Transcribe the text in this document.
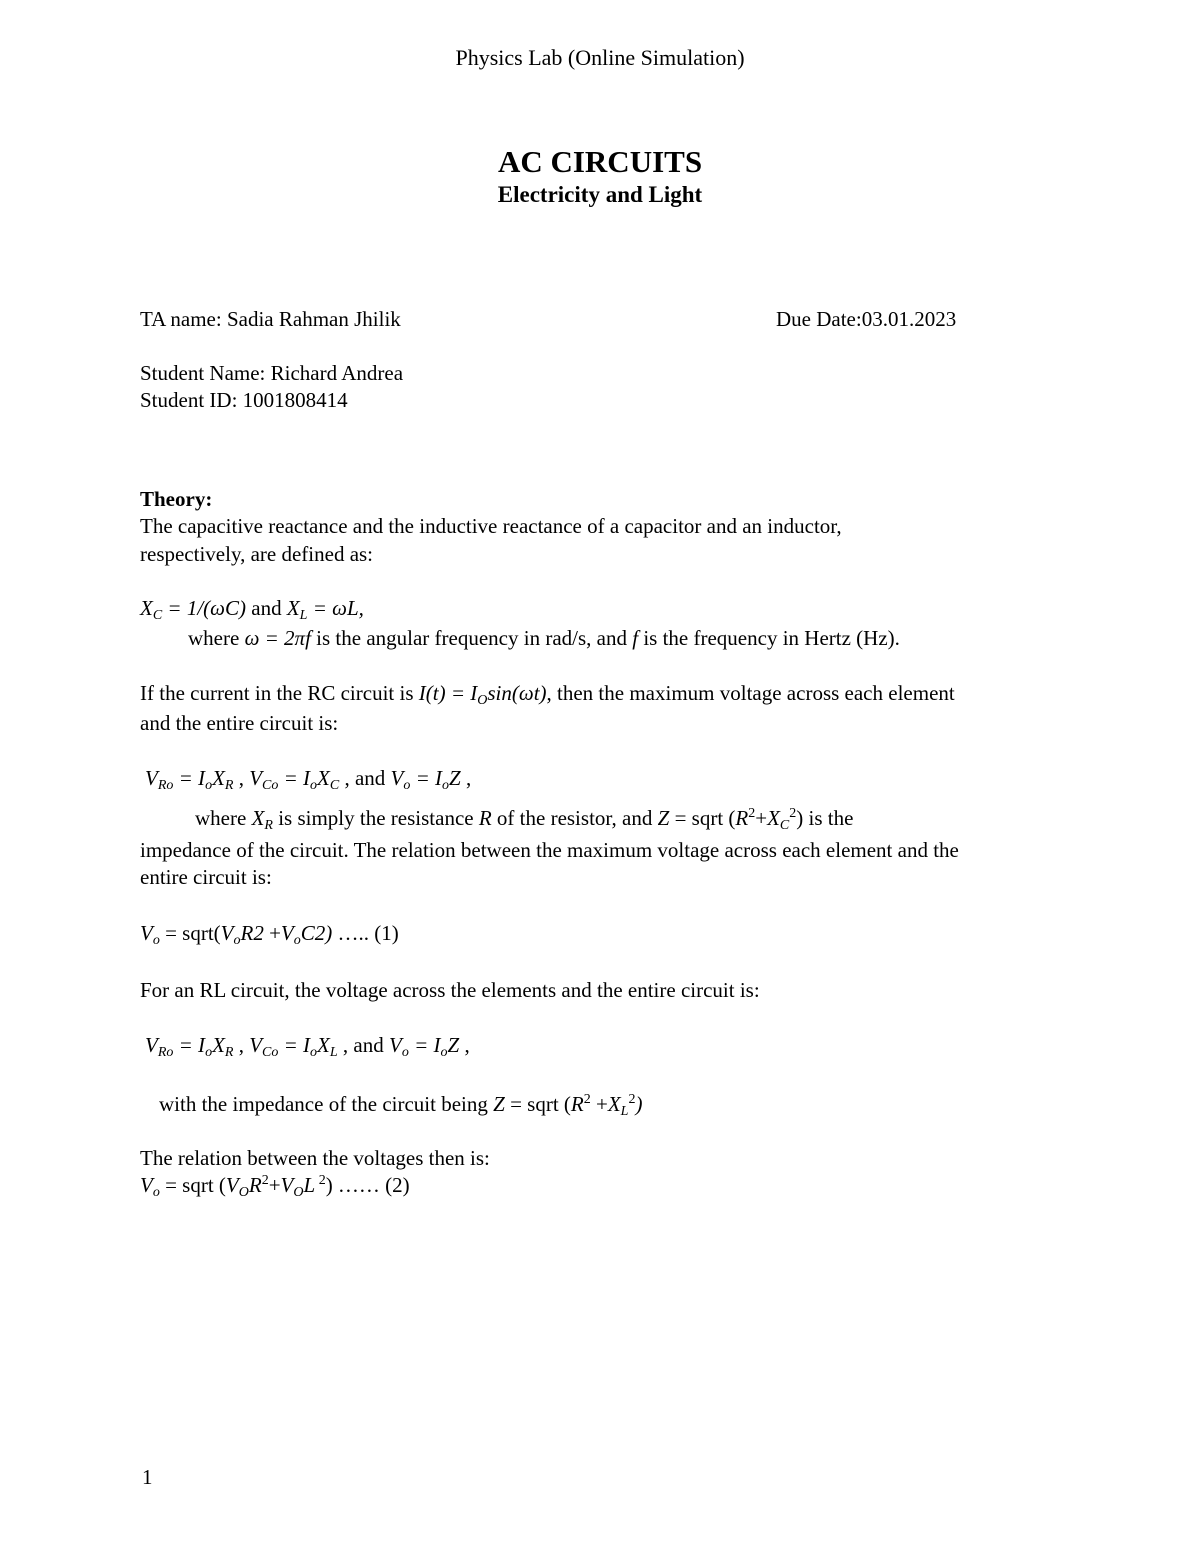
Physics Lab (Online Simulation)
AC CIRCUITS
Electricity and Light
TA name: Sadia Rahman Jhilik	Due Date:03.01.2023
Student Name: Richard Andrea
Student ID: 1001808414
Theory:
The capacitive reactance and the inductive reactance of a capacitor and an inductor,
respectively, are defined as:
$X_C = 1/(\omega C)$ and $X_L = \omega L$,
where ω = 2πf is the angular frequency in rad/s, and f is the frequency in Hertz (Hz).
If the current in the RC circuit is $I(t) = I_O\sin(\omega t)$, then the maximum voltage across each element
and the entire circuit is:
$V_{Ro} = I_oX_R$ , $V_{Co} = I_oX_C$ , and $V_o = I_oZ$ ,
where $X_R$ is simply the resistance R of the resistor, and Z = sqrt $(R^2+X_C^2)$ is the
impedance of the circuit. The relation between the maximum voltage across each element and the
entire circuit is:
$V_o$ = $sqrt(V_oR2 +V_oC2)$ ….. (1)
For an RL circuit, the voltage across the elements and the entire circuit is:
$V_{Ro} = I_oX_R$ , $V_{Co} = I_oX_L$ , and $V_o = I_oZ$ ,
with the impedance of the circuit being Z = sqrt $(R^2 +X_L^2)$
The relation between the voltages then is:
$V_o$ = sqrt ($V_OR^2+V_OL$ $^2$) …… (2)
1
